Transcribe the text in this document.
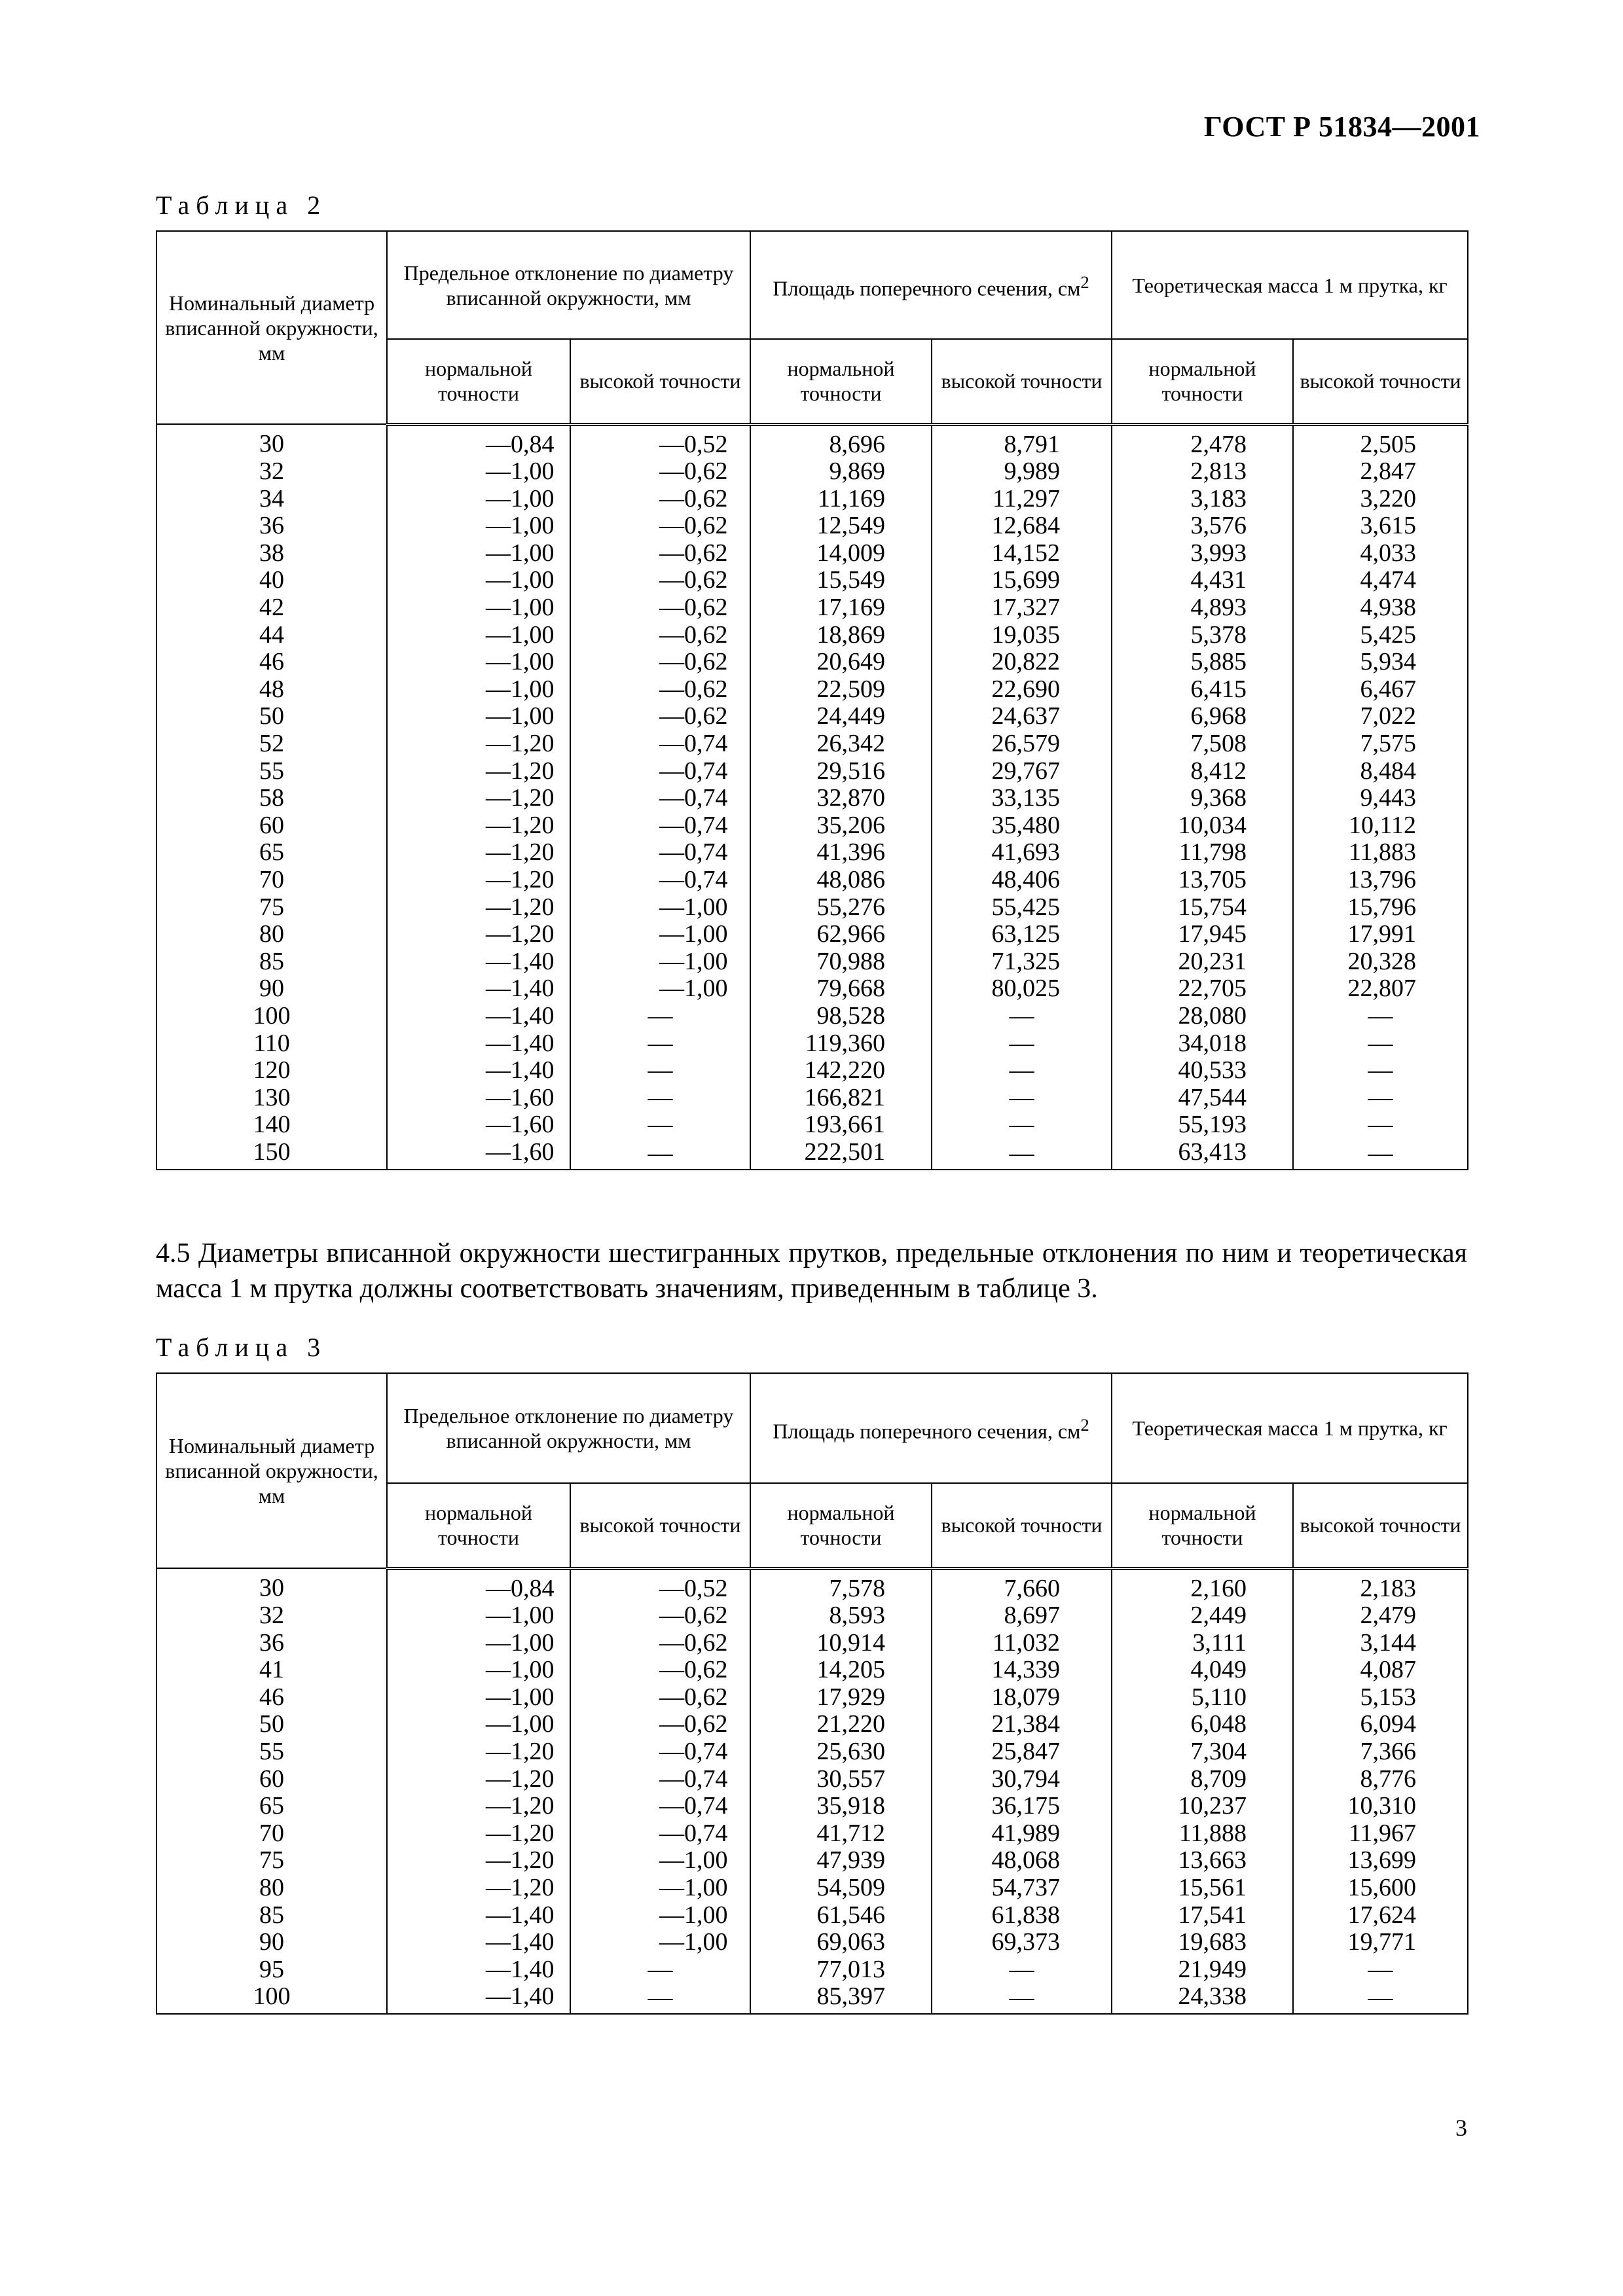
ГОСТ Р 51834—2001
Таблица 2
Номинальный диаметр вписанной окружности, мм	Предельное отклонение по диаметру вписанной окружности, мм		Площадь поперечного сечения, $см^2$		Теоретическая масса 1 м прутка, кг	
	нормальной точности	высокой точности	нормальной точности	высокой точности	нормальной точности	высокой точности
30	—0,84	—0,52	8,696	8,791	2,478	2,505
32	—1,00	—0,62	9,869	9,989	2,813	2,847
34	—1,00	—0,62	11,169	11,297	3,183	3,220
36	—1,00	—0,62	12,549	12,684	3,576	3,615
38	—1,00	—0,62	14,009	14,152	3,993	4,033
40	—1,00	—0,62	15,549	15,699	4,431	4,474
42	—1,00	—0,62	17,169	17,327	4,893	4,938
44	—1,00	—0,62	18,869	19,035	5,378	5,425
46	—1,00	—0,62	20,649	20,822	5,885	5,934
48	—1,00	—0,62	22,509	22,690	6,415	6,467
50	—1,00	—0,62	24,449	24,637	6,968	7,022
52	—1,20	—0,74	26,342	26,579	7,508	7,575
55	—1,20	—0,74	29,516	29,767	8,412	8,484
58	—1,20	—0,74	32,870	33,135	9,368	9,443
60	—1,20	—0,74	35,206	35,480	10,034	10,112
65	—1,20	—0,74	41,396	41,693	11,798	11,883
70	—1,20	—0,74	48,086	48,406	13,705	13,796
75	—1,20	—1,00	55,276	55,425	15,754	15,796
80	—1,20	—1,00	62,966	63,125	17,945	17,991
85	—1,40	—1,00	70,988	71,325	20,231	20,328
90	—1,40	—1,00	79,668	80,025	22,705	22,807
100	—1,40	—	98,528	—	28,080	—
110	—1,40	—	119,360	—	34,018	—
120	—1,40	—	142,220	—	40,533	—
130	—1,60	—	166,821	—	47,544	—
140	—1,60	—	193,661	—	55,193	—
150	—1,60	—	222,501	—	63,413	—
4.5 Диаметры вписанной окружности шестигранных прутков, предельные отклонения по ним и теоретическая масса 1 м прутка должны соответствовать значениям, приведенным в таблице 3.
Таблица 3
Номинальный диаметр вписанной окружности, мм	Предельное отклонение по диаметру вписанной окружности, мм		Площадь поперечного сечения, $см^2$		Теоретическая масса 1 м прутка, кг	
	нормальной точности	высокой точности	нормальной точности	высокой точности	нормальной точности	высокой точности
30	—0,84	—0,52	7,578	7,660	2,160	2,183
32	—1,00	—0,62	8,593	8,697	2,449	2,479
36	—1,00	—0,62	10,914	11,032	3,111	3,144
41	—1,00	—0,62	14,205	14,339	4,049	4,087
46	—1,00	—0,62	17,929	18,079	5,110	5,153
50	—1,00	—0,62	21,220	21,384	6,048	6,094
55	—1,20	—0,74	25,630	25,847	7,304	7,366
60	—1,20	—0,74	30,557	30,794	8,709	8,776
65	—1,20	—0,74	35,918	36,175	10,237	10,310
70	—1,20	—0,74	41,712	41,989	11,888	11,967
75	—1,20	—1,00	47,939	48,068	13,663	13,699
80	—1,20	—1,00	54,509	54,737	15,561	15,600
85	—1,40	—1,00	61,546	61,838	17,541	17,624
90	—1,40	—1,00	69,063	69,373	19,683	19,771
95	—1,40	—	77,013	—	21,949	—
100	—1,40	—	85,397	—	24,338	—
3
